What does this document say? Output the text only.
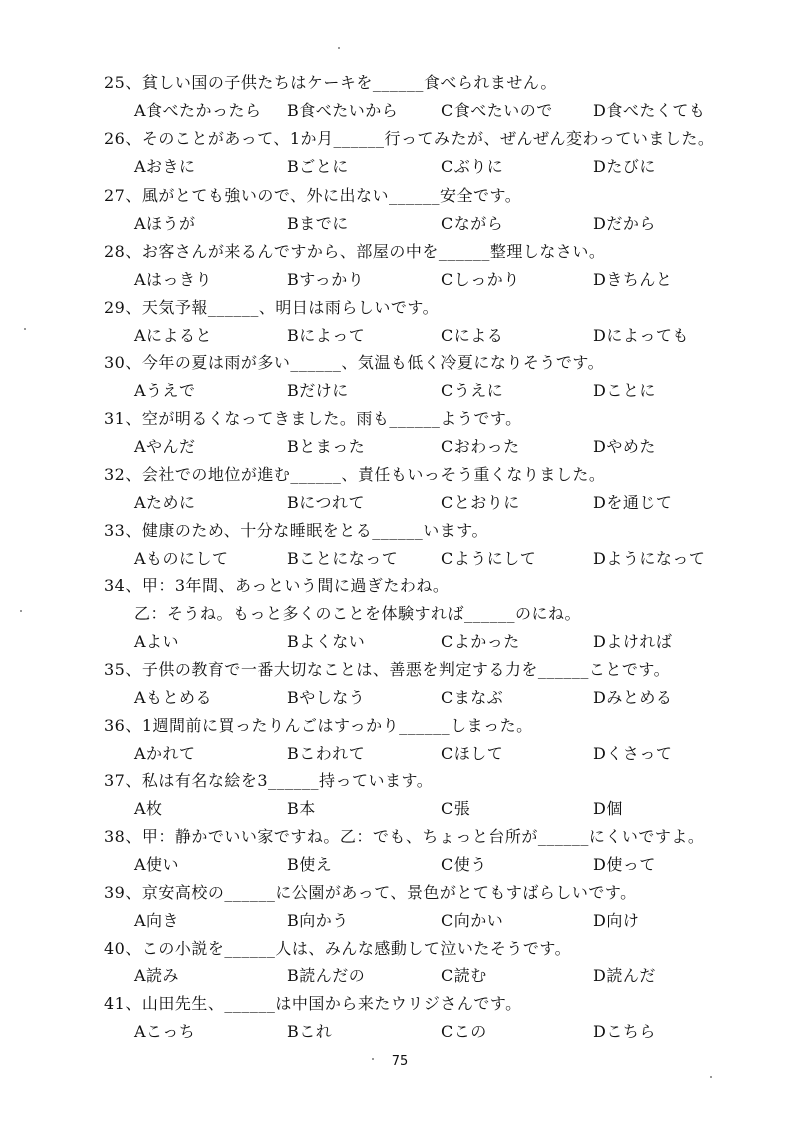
25、貧しい国の子供たちはケーキを______食べられません。
A食べたかったら B食べたいから	C食べたいので	D食べたくても
26、そのことがあって、1か月______行ってみたが、ぜんぜん変わっていました。
Aおきに	Bごとに	Cぶりに	Dたびに
27、風がとても強いので、外に出ない______安全です。
Aほうが	Bまでに	Cながら	Dだから
28、お客さんが来るんですから、部屋の中を______整理しなさい。
Aはっきり	Bすっかり	Cしっかり	Dきちんと
29、天気予報______、明日は雨らしいです。
Aによると	Bによって	Cによる	Dによっても
30、今年の夏は雨が多い______、気温も低く冷夏になりそうです。
Aうえで	Bだけに	Cうえに	Dことに
31、空が明るくなってきました。雨も______ようです。
Aやんだ	Bとまった	Cおわった	Dやめた
32、会社での地位が進む______、責任もいっそう重くなりました。
Aために	Bにつれて	Cとおりに	Dを通じて
33、健康のため、十分な睡眠をとる______います。
Aものにして	Bことになって	Cようにして	Dようになって
34、甲：3年間、あっという間に過ぎたわね。
乙：そうね。もっと多くのことを体験すれば______のにね。
Aよい	Bよくない	Cよかった	Dよければ
35、子供の教育で一番大切なことは、善悪を判定する力を______ことです。
Aもとめる	Bやしなう	Cまなぶ	Dみとめる
36、1週間前に買ったりんごはすっかり______しまった。
Aかれて	Bこわれて	Cほして	Dくさって
37、私は有名な絵を3______持っています。
A枚	B本	C張	D個
38、甲：静かでいい家ですね。乙：でも、ちょっと台所が______にくいですよ。
A使い	B使え	C使う	D使って
39、京安高校の______に公園があって、景色がとてもすばらしいです。
A向き	B向かう	C向かい	D向け
40、この小説を______人は、みんな感動して泣いたそうです。
A読み	B読んだの	C読む	D読んだ
41、山田先生、______は中国から来たウリジさんです。
Aこっち	Bこれ	Cこの	Dこちら
75
